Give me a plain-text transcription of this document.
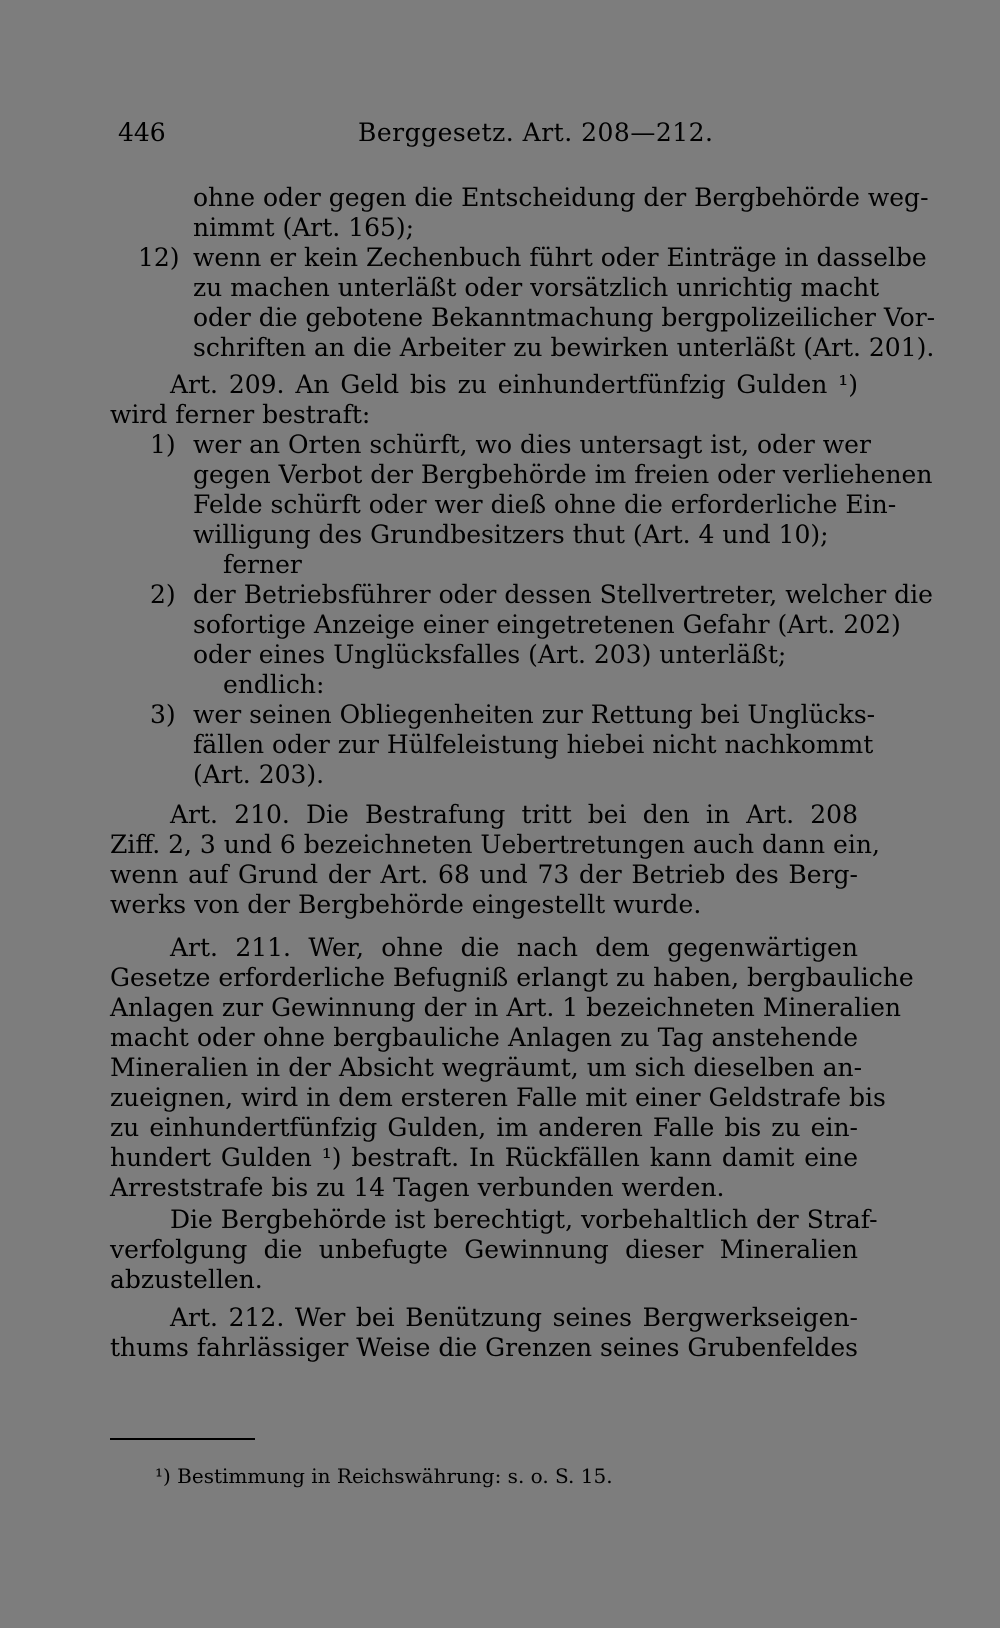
446	Berggesetz. Art. 208—212.
ohne oder gegen die Entscheidung der Bergbehörde weg-
nimmt (Art. 165);
12) wenn er kein Zechenbuch führt oder Einträge in dasselbe
zu machen unterläßt oder vorsätzlich unrichtig macht
oder die gebotene Bekanntmachung bergpolizeilicher Vor-
schriften an die Arbeiter zu bewirken unterläßt (Art. 201).
Art. 209. An Geld bis zu einhundertfünfzig Gulden ¹)
wird ferner bestraft:
1) wer an Orten schürft, wo dies untersagt ist, oder wer
gegen Verbot der Bergbehörde im freien oder verliehenen
Felde schürft oder wer dieß ohne die erforderliche Ein-
willigung des Grundbesitzers thut (Art. 4 und 10);
ferner
2) der Betriebsführer oder dessen Stellvertreter, welcher die
sofortige Anzeige einer eingetretenen Gefahr (Art. 202)
oder eines Unglücksfalles (Art. 203) unterläßt;
endlich:
3) wer seinen Obliegenheiten zur Rettung bei Unglücks-
fällen oder zur Hülfeleistung hiebei nicht nachkommt
(Art. 203).
Art. 210. Die Bestrafung tritt bei den in Art. 208
Ziff. 2, 3 und 6 bezeichneten Uebertretungen auch dann ein,
wenn auf Grund der Art. 68 und 73 der Betrieb des Berg-
werks von der Bergbehörde eingestellt wurde.
Art. 211. Wer, ohne die nach dem gegenwärtigen
Gesetze erforderliche Befugniß erlangt zu haben, bergbauliche
Anlagen zur Gewinnung der in Art. 1 bezeichneten Mineralien
macht oder ohne bergbauliche Anlagen zu Tag anstehende
Mineralien in der Absicht wegräumt, um sich dieselben an-
zueignen, wird in dem ersteren Falle mit einer Geldstrafe bis
zu einhundertfünfzig Gulden, im anderen Falle bis zu ein-
hundert Gulden ¹) bestraft. In Rückfällen kann damit eine
Arreststrafe bis zu 14 Tagen verbunden werden.
Die Bergbehörde ist berechtigt, vorbehaltlich der Straf-
verfolgung die unbefugte Gewinnung dieser Mineralien
abzustellen.
Art. 212. Wer bei Benützung seines Bergwerkseigen-
thums fahrlässiger Weise die Grenzen seines Grubenfeldes
¹) Bestimmung in Reichswährung: s. o. S. 15.
